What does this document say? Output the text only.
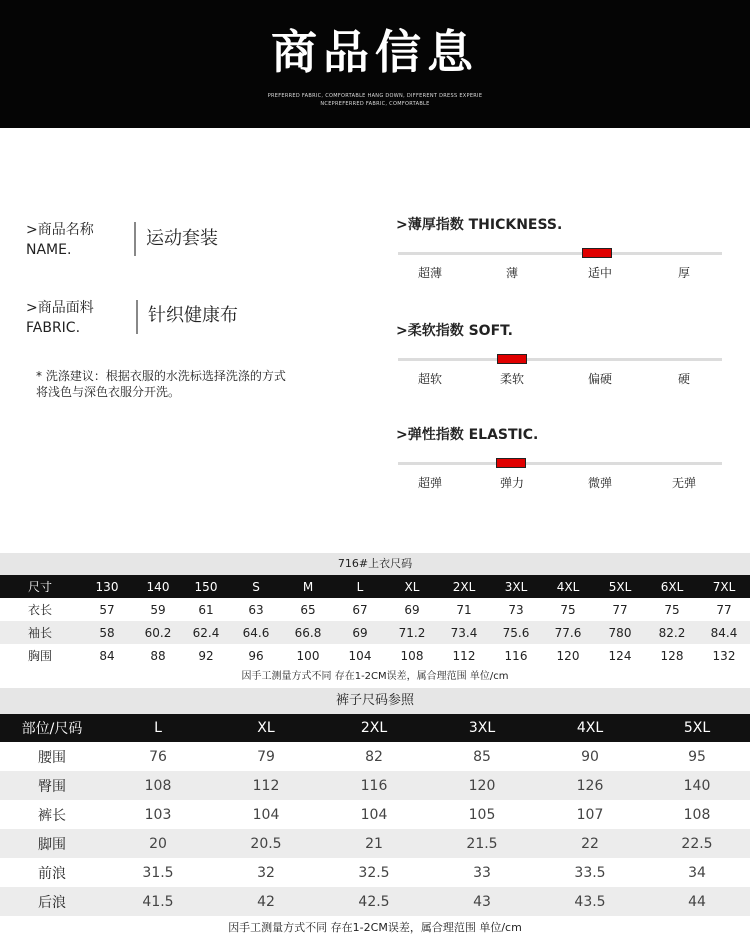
商品信息
PREFERRED FABRIC, COMFORTABLE HANG DOWN, DIFFERENT DRESS EXPERIE
NCEPREFERRED FABRIC, COMFORTABLE
>商品名称
NAME.
运动套装
>商品面料
FABRIC.
针织健康布
* 洗涤建议：根据衣服的水洗标选择洗涤的方式
将浅色与深色衣服分开洗。
>薄厚指数 THICKNESS.
超薄	薄	适中	厚
>柔软指数 SOFT.
超软	柔软	偏硬	硬
>弹性指数 ELASTIC.
超弹	弹力	微弹	无弹
716#上衣尺码
尺寸	130	140	150	S	M	L	XL	2XL	3XL	4XL	5XL	6XL	7XL
衣长	57	59	61	63	65	67	69	71	73	75	77	75	77
袖长	58	60.2	62.4	64.6	66.8	69	71.2	73.4	75.6	77.6	780	82.2	84.4
胸围	84	88	92	96	100	104	108	112	116	120	124	128	132
因手工测量方式不同 存在1-2CM误差，属合理范围 单位/cm
裤子尺码参照
部位/尺码	L	XL	2XL	3XL	4XL	5XL
腰围	76	79	82	85	90	95
臀围	108	112	116	120	126	140
裤长	103	104	104	105	107	108
脚围	20	20.5	21	21.5	22	22.5
前浪	31.5	32	32.5	33	33.5	34
后浪	41.5	42	42.5	43	43.5	44
因手工测量方式不同 存在1-2CM误差，属合理范围 单位/cm
